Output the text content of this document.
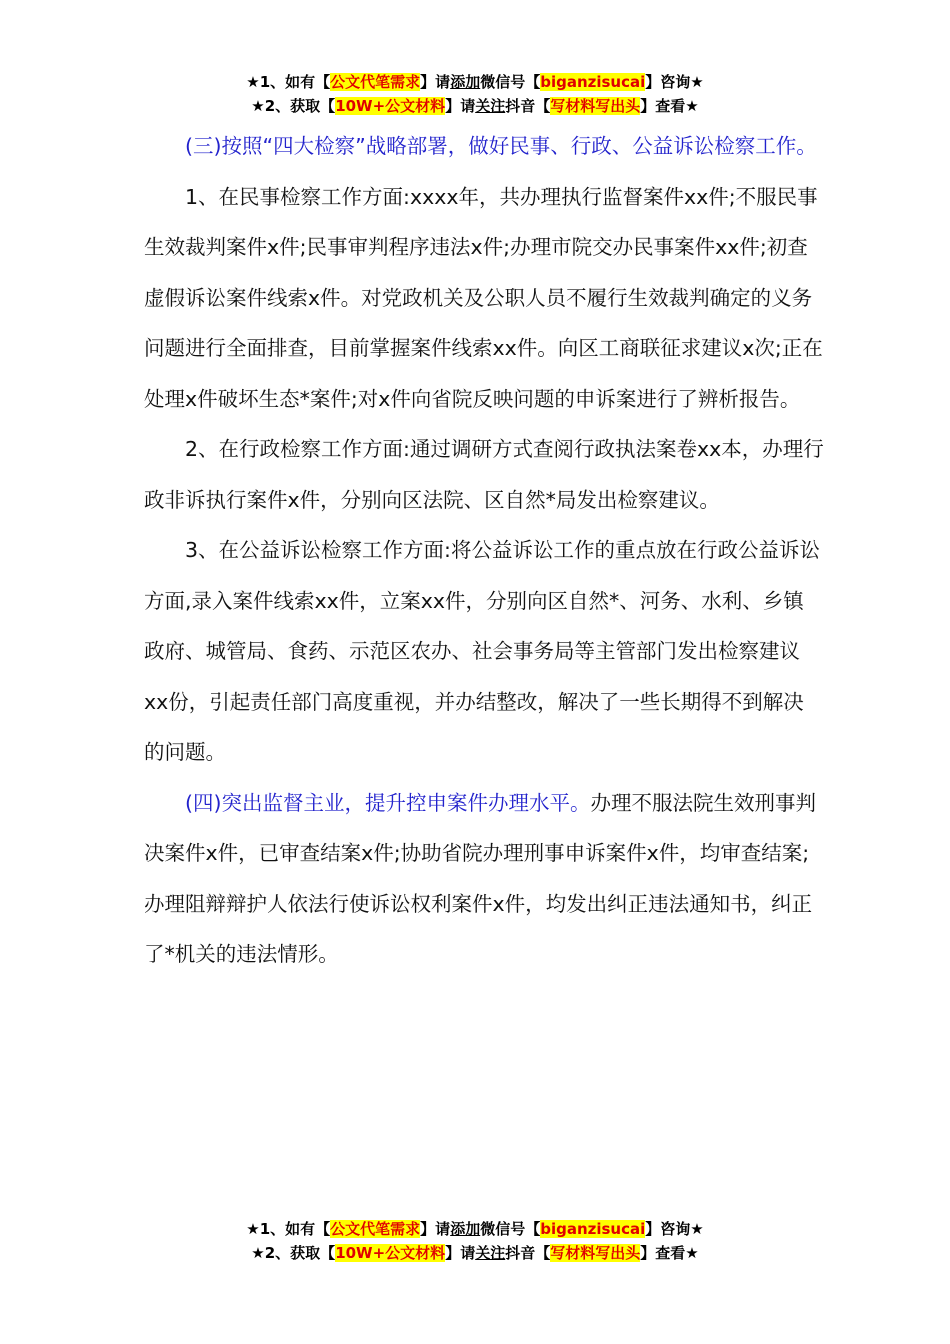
★1、如有【公文代笔需求】请添加微信号【biganzisucai】咨询★
★2、获取【10W+公文材料】请关注抖音【写材料写出头】查看★

(三)按照“四大检察”战略部署，做好民事、行政、公益诉讼检察工作。

1、在民事检察工作方面:xxxx年，共办理执行监督案件xx件;不服民事生效裁判案件x件;民事审判程序违法x件;办理市院交办民事案件xx件;初查虚假诉讼案件线索x件。对党政机关及公职人员不履行生效裁判确定的义务问题进行全面排查，目前掌握案件线索xx件。向区工商联征求建议x次;正在处理x件破坏生态*案件;对x件向省院反映问题的申诉案进行了辨析报告。

2、在行政检察工作方面:通过调研方式查阅行政执法案卷xx本，办理行政非诉执行案件x件，分别向区法院、区自然*局发出检察建议。

3、在公益诉讼检察工作方面:将公益诉讼工作的重点放在行政公益诉讼方面,录入案件线索xx件，立案xx件，分别向区自然*、河务、水利、乡镇政府、城管局、食药、示范区农办、社会事务局等主管部门发出检察建议xx份，引起责任部门高度重视，并办结整改，解决了一些长期得不到解决的问题。

(四)突出监督主业，提升控申案件办理水平。办理不服法院生效刑事判决案件x件，已审查结案x件;协助省院办理刑事申诉案件x件，均审查结案;办理阻辩辩护人依法行使诉讼权利案件x件，均发出纠正违法通知书，纠正了*机关的违法情形。

★1、如有【公文代笔需求】请添加微信号【biganzisucai】咨询★
★2、获取【10W+公文材料】请关注抖音【写材料写出头】查看★
